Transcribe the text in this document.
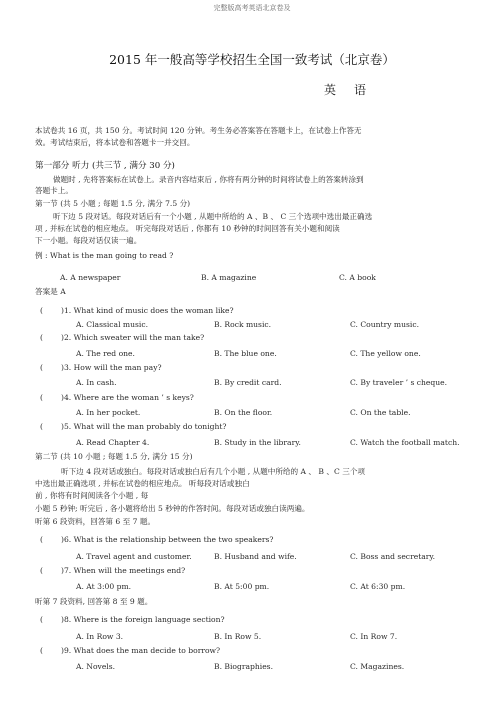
完整版高考英语北京卷及
2015 年一般高等学校招生全国一致考试（北京卷）
英语
本试卷共 16 页，共 150 分。考试时间 120 分钟。考生务必答案答在答题卡上，在试卷上作答无
效。考试结束后，将本试卷和答题卡一并交回。
第一部分 听力 (共三节 , 满分 30 分)
做题时 , 先将答案标在试卷上。录音内容结束后 , 你将有两分钟的时间将试卷上的答案转涂到
答题卡上。
第一节 (共 5 小题 ; 每题 1.5 分, 满分 7.5 分)
听下边 5 段对话。每段对话后有一个小题 , 从题中所给的 A 、B 、 C 三个选项中选出最正确选
项 , 并标在试卷的相应地点。 听完每段对话后 , 你都有 10 秒钟的时间回答有关小题和阅读
下一小题。每段对话仅读一遍。
例 : What is the man going to read ?
A. A newspaper	B. A magazine	C. A book
答案是 A
( )1. What kind of music does the woman like?
A. Classical music.	B. Rock music.	C. Country music.
( )2. Which sweater will the man take?
A. The red one.	B. The blue one.	C. The yellow one.
( )3. How will the man pay?
A. In cash.	B. By credit card.	C. By traveler ’ s cheque.
( )4. Where are the woman ’ s keys?
A. In her pocket.	B. On the floor.	C. On the table.
( )5. What will the man probably do tonight?
A. Read Chapter 4.	B. Study in the library.	C. Watch the football match.
第二节 (共 10 小题 ; 每题 1.5 分, 满分 15 分)
听下边 4 段对话或独白。每段对话或独白后有几个小题 , 从题中所给的 A 、 B 、C 三个项
中选出最正确选项 , 并标在试卷的相应地点。 听每段对话或独白
前 , 你将有时间阅读各个小题 , 每
小题 5 秒钟; 听完后 , 各小题将给出 5 秒钟的作答时间。每段对话或独白读两遍。
听第 6 段资料，回答第 6 至 7 题。
( )6. What is the relationship between the two speakers?
A. Travel agent and customer.	B. Husband and wife.	C. Boss and secretary.
( )7. When will the meetings end?
A. At 3:00 pm.	B. At 5:00 pm.	C. At 6:30 pm.
听第 7 段资料, 回答第 8 至 9 题。
( )8. Where is the foreign language section?
A. In Row 3.	B. In Row 5.	C. In Row 7.
( )9. What does the man decide to borrow?
A. Novels.	B. Biographies.	C. Magazines.
